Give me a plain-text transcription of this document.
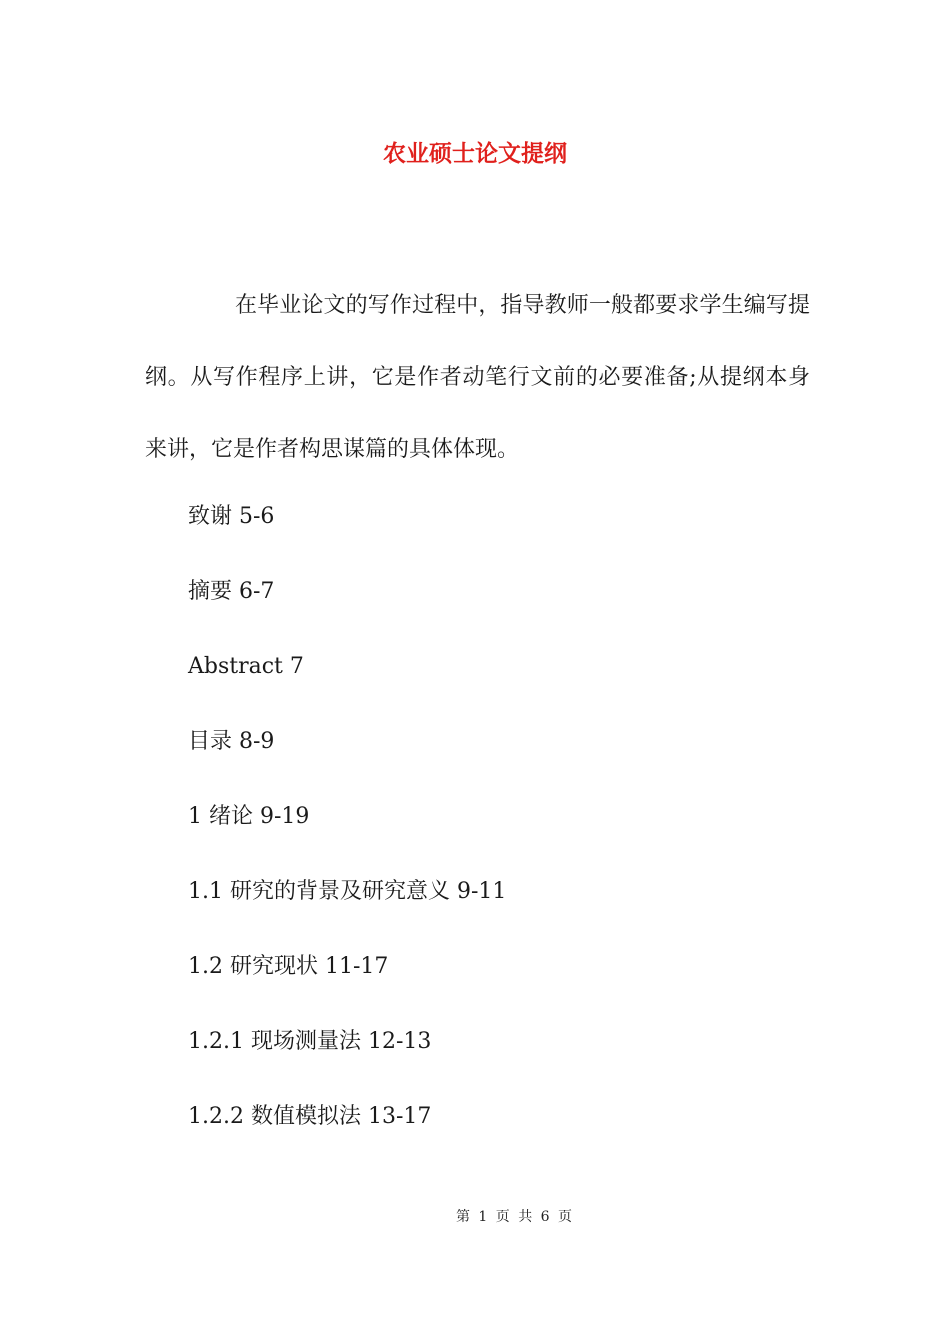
农业硕士论文提纲

在毕业论文的写作过程中，指导教师一般都要求学生编写提纲。从写作程序上讲，它是作者动笔行文前的必要准备;从提纲本身来讲，它是作者构思谋篇的具体体现。

致谢 5-6
摘要 6-7
Abstract 7
目录 8-9
1 绪论 9-19
1.1 研究的背景及研究意义 9-11
1.2 研究现状 11-17
1.2.1 现场测量法 12-13
1.2.2 数值模拟法 13-17
第 1 页 共 6 页
